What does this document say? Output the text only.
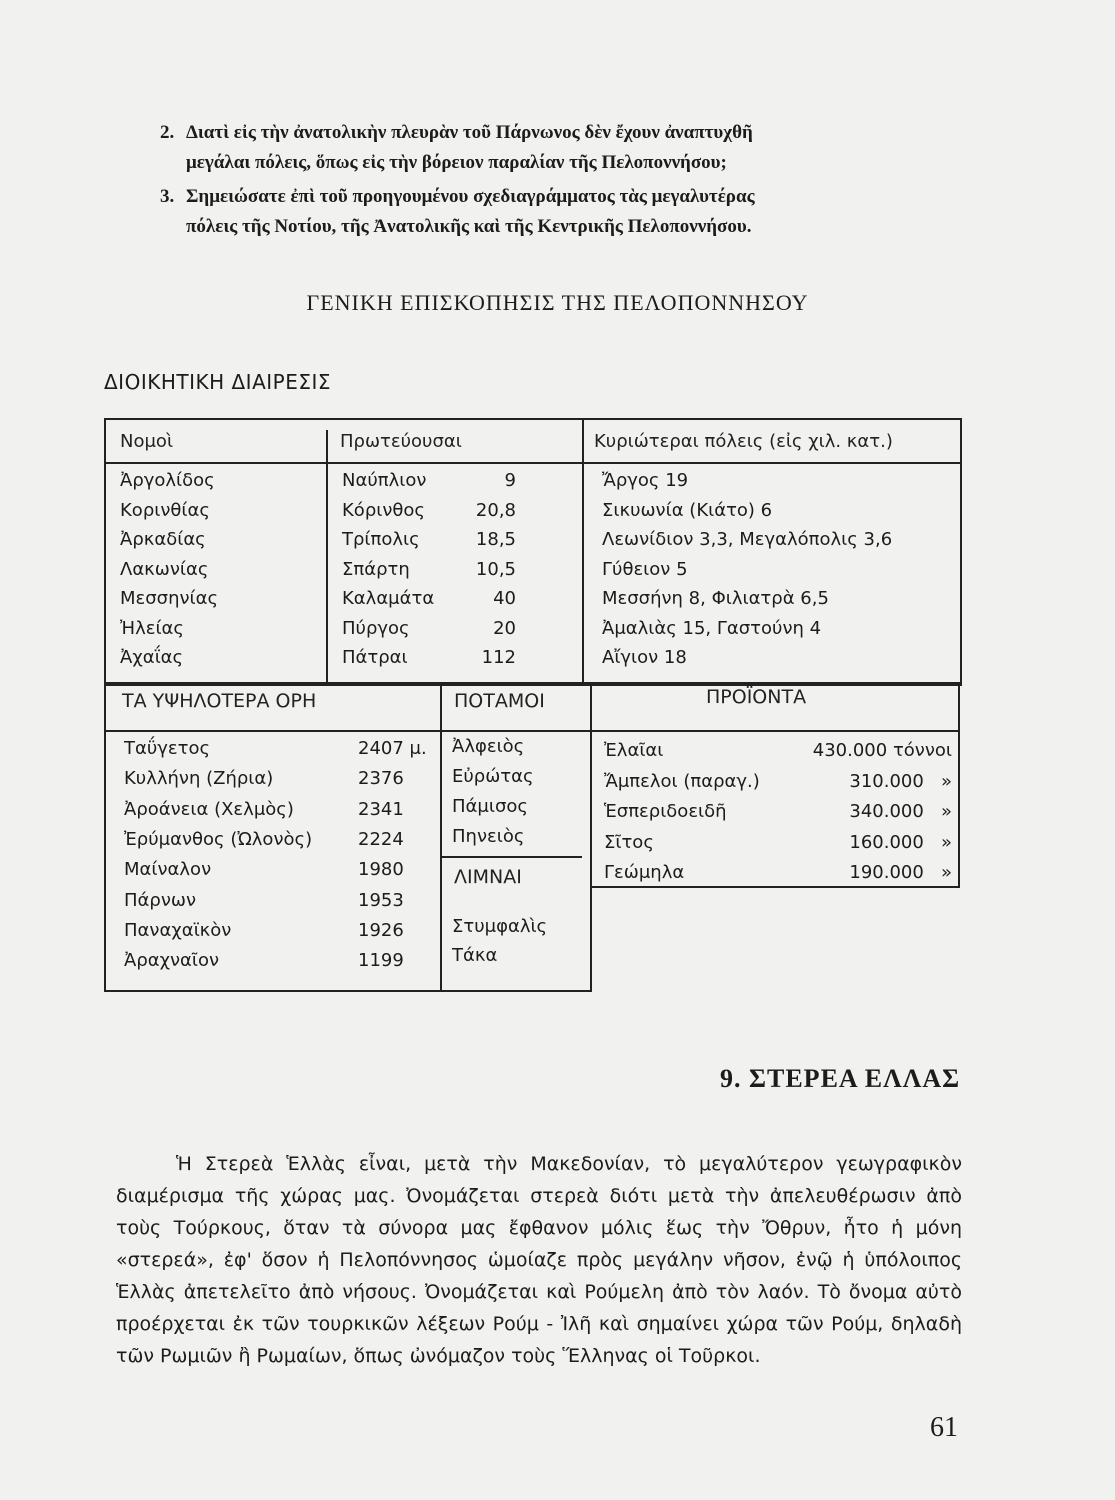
2. Διατὶ εἰς τὴν ἀνατολικὴν πλευρὰν τοῦ Πάρνωνος δὲν ἔχουν ἀναπτυχθῆ
μεγάλαι πόλεις, ὅπως εἰς τὴν βόρειον παραλίαν τῆς Πελοποννήσου;
3. Σημειώσατε ἐπὶ τοῦ προηγουμένου σχεδιαγράμματος τὰς μεγαλυτέρας
πόλεις τῆς Νοτίου, τῆς Ἀνατολικῆς καὶ τῆς Κεντρικῆς Πελοποννήσου.
ΓΕΝΙΚΗ ΕΠΙΣΚΟΠΗΣΙΣ ΤΗΣ ΠΕΛΟΠΟΝΝΗΣΟΥ
ΔΙΟΙΚΗΤΙΚΗ ΔΙΑΙΡΕΣΙΣ
Νομοὶ	Πρωτεύουσαι	Κυριώτεραι πόλεις (εἰς χιλ. κατ.)
Ἀργολίδος	Ναύπλιον	9	Ἄργος 19
Κορινθίας	Κόρινθος	20,8	Σικυωνία (Κιάτο) 6
Ἀρκαδίας	Τρίπολις	18,5	Λεωνίδιον 3,3, Μεγαλόπολις 3,6
Λακωνίας	Σπάρτη	10,5	Γύθειον 5
Μεσσηνίας	Καλαμάτα	40	Μεσσήνη 8, Φιλιατρὰ 6,5
Ἠλείας	Πύργος	20	Ἀμαλιὰς 15, Γαστούνη 4
Ἀχαΐας	Πάτραι	112	Αἴγιον 18
ΤΑ ΥΨΗΛΟΤΕΡΑ ΟΡΗ	ΠΟΤΑΜΟΙ	ΠΡΟΪΟΝΤΑ
Ταΰγετος	2407 μ.
Κυλλήνη (Ζήρια)	2376
Ἀροάνεια (Χελμὸς)	2341
Ἐρύμανθος (Ὠλονὸς)	2224
Μαίναλον	1980
Πάρνων	1953
Παναχαϊκὸν	1926
Ἀραχναῖον	1199
Ἀλφειὸς
Εὐρώτας
Πάμισος
Πηνειὸς
ΛΙΜΝΑΙ
Στυμφαλὶς
Τάκα
Ἐλαῖαι	430.000 τόννοι
Ἄμπελοι (παραγ.)	310.000   »
Ἑσπεριδοειδῆ	340.000   »
Σῖτος	160.000   »
Γεώμηλα	190.000   »
9. ΣΤΕΡΕΑ ΕΛΛΑΣ

Ἡ Στερεὰ Ἑλλὰς εἶναι, μετὰ τὴν Μακεδονίαν, τὸ μεγαλύτερον γεωγραφικὸν διαμέρισμα τῆς χώρας μας. Ὀνομάζεται στερεὰ διότι μετὰ τὴν ἀπελευθέρωσιν ἀπὸ τοὺς Τούρκους, ὅταν τὰ σύνορα μας ἔφθανον μόλις ἕως τὴν Ὄθρυν, ἦτο ἡ μόνη «στερεά», ἐφ' ὅσον ἡ Πελοπόννησος ὡμοίαζε πρὸς μεγάλην νῆσον, ἐνῷ ἡ ὑπόλοιπος Ἑλλὰς ἀπετελεῖτο ἀπὸ νήσους. Ὀνομάζεται καὶ Ρούμελη ἀπὸ τὸν λαόν. Τὸ ὄνομα αὐτὸ προέρχεται ἐκ τῶν τουρκικῶν λέξεων Ρούμ - Ἰλῆ καὶ σημαίνει χώρα τῶν Ρούμ, δηλαδὴ τῶν Ρωμιῶν ἢ Ρωμαίων, ὅπως ὠνόμαζον τοὺς Ἕλληνας οἱ Τοῦρκοι.

61
